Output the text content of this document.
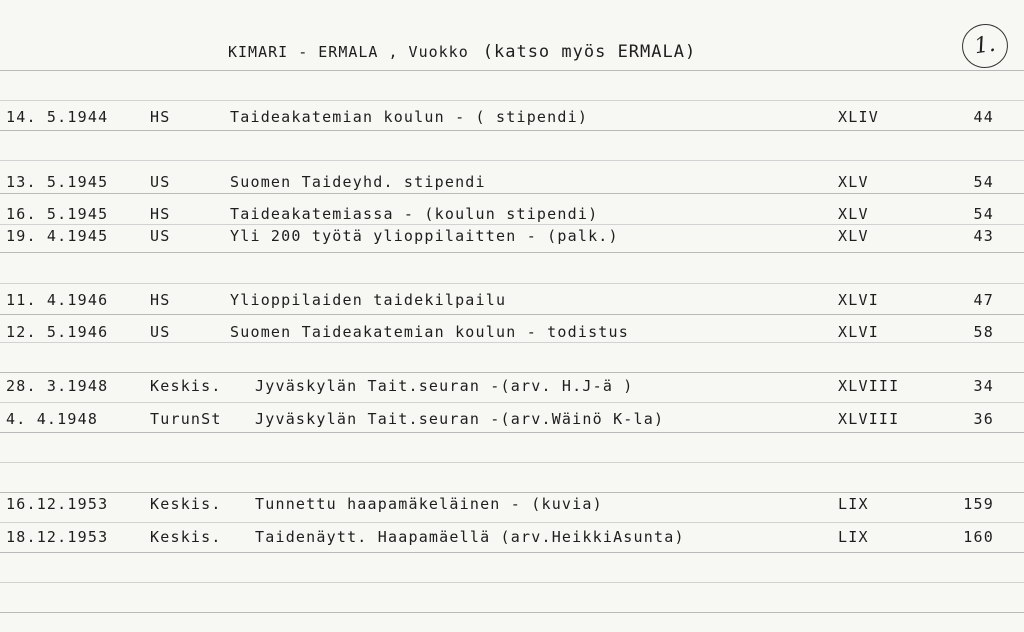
KIMARI - ERMALA , Vuokko (katso myös ERMALA)	1.
14. 5.1944	HS	Taideakatemian koulun - ( stipendi)	XLIV	44
13. 5.1945	US	Suomen Taideyhd. stipendi	XLV	54
16. 5.1945	HS	Taideakatemiassa - (koulun stipendi)	XLV	54
19. 4.1945	US	Yli 200 työtä ylioppilaitten - (palk.)	XLV	43
11. 4.1946	HS	Ylioppilaiden taidekilpailu	XLVI	47
12. 5.1946	US	Suomen Taideakatemian koulun - todistus	XLVI	58
28. 3.1948	Keskis. Jyväskylän Tait.seuran -(arv. H.J-ä )	XLVIII	34
4. 4.1948	TurunSt Jyväskylän Tait.seuran -(arv.Wäinö K-la)	XLVIII	36
16.12.1953	Keskis. Tunnettu haapamäkeläinen - (kuvia)	LIX	159
18.12.1953	Keskis. Taidenäytt. Haapamäellä (arv.HeikkiAsunta)	LIX	160
